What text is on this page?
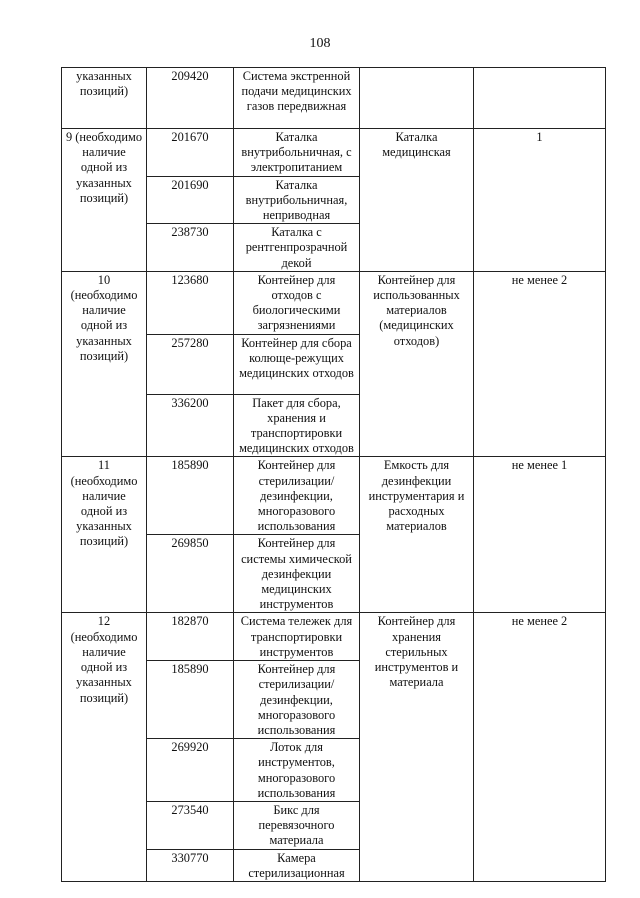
108
указанных позиций)	209420	Система экстренной подачи медицинских газов передвижная		
9 (необходимо наличие одной из указанных позиций)	201670	Каталка внутрибольничная, с электропитанием	Каталка медицинская	1
	201690	Каталка внутрибольничная, неприводная		
	238730	Каталка с рентгенпрозрачной декой		
10 (необходимо наличие одной из указанных позиций)	123680	Контейнер для отходов с биологическими загрязнениями	Контейнер для использованных материалов (медицинских отходов)	не менее 2
	257280	Контейнер для сбора колюще-режущих медицинских отходов		
	336200	Пакет для сбора, хранения и транспортировки медицинских отходов		
11 (необходимо наличие одной из указанных позиций)	185890	Контейнер для стерилизации/ дезинфекции, многоразового использования	Емкость для дезинфекции инструментария и расходных материалов	не менее 1
	269850	Контейнер для системы химической дезинфекции медицинских инструментов		
12 (необходимо наличие одной из указанных позиций)	182870	Система тележек для транспортировки инструментов	Контейнер для хранения стерильных инструментов и материала	не менее 2
	185890	Контейнер для стерилизации/ дезинфекции, многоразового использования		
	269920	Лоток для инструментов, многоразового использования		
	273540	Бикс для перевязочного материала		
	330770	Камера стерилизационная		
